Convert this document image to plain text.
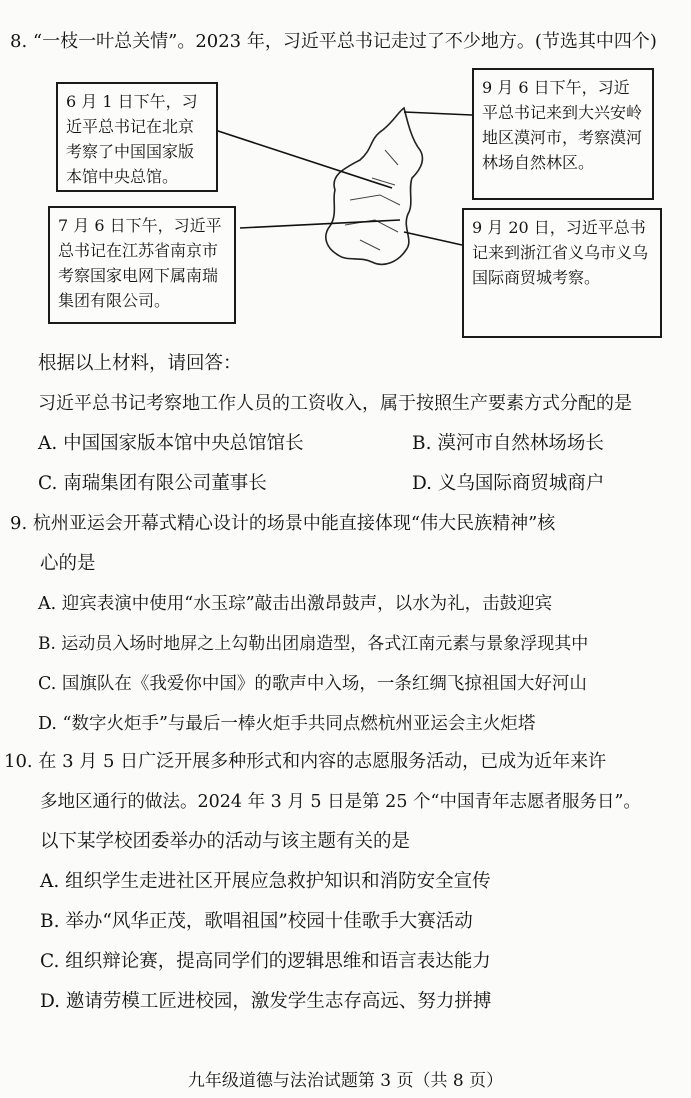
8. “一枝一叶总关情”。2023 年，习近平总书记走过了不少地方。(节选其中四个)
6 月 1 日下午，习近平总书记在北京考察了中国国家版本馆中央总馆。
9 月 6 日下午，习近平总书记来到大兴安岭地区漠河市，考察漠河林场自然林区。
7 月 6 日下午，习近平总书记在江苏省南京市考察国家电网下属南瑞集团有限公司。
9 月 20 日，习近平总书记来到浙江省义乌市义乌国际商贸城考察。
根据以上材料，请回答：
习近平总书记考察地工作人员的工资收入，属于按照生产要素方式分配的是
A. 中国国家版本馆中央总馆馆长	B. 漠河市自然林场场长
C. 南瑞集团有限公司董事长	D. 义乌国际商贸城商户
9. 杭州亚运会开幕式精心设计的场景中能直接体现“伟大民族精神”核
心的是
A. 迎宾表演中使用“水玉琮”敲击出激昂鼓声，以水为礼，击鼓迎宾
B. 运动员入场时地屏之上勾勒出团扇造型，各式江南元素与景象浮现其中
C. 国旗队在《我爱你中国》的歌声中入场，一条红绸飞掠祖国大好河山
D. “数字火炬手”与最后一棒火炬手共同点燃杭州亚运会主火炬塔
10. 在 3 月 5 日广泛开展多种形式和内容的志愿服务活动，已成为近年来许
多地区通行的做法。2024 年 3 月 5 日是第 25 个“中国青年志愿者服务日”。
以下某学校团委举办的活动与该主题有关的是
A. 组织学生走进社区开展应急救护知识和消防安全宣传
B. 举办“风华正茂，歌唱祖国”校园十佳歌手大赛活动
C. 组织辩论赛，提高同学们的逻辑思维和语言表达能力
D. 邀请劳模工匠进校园，激发学生志存高远、努力拼搏
九年级道德与法治试题第 3 页（共 8 页）
